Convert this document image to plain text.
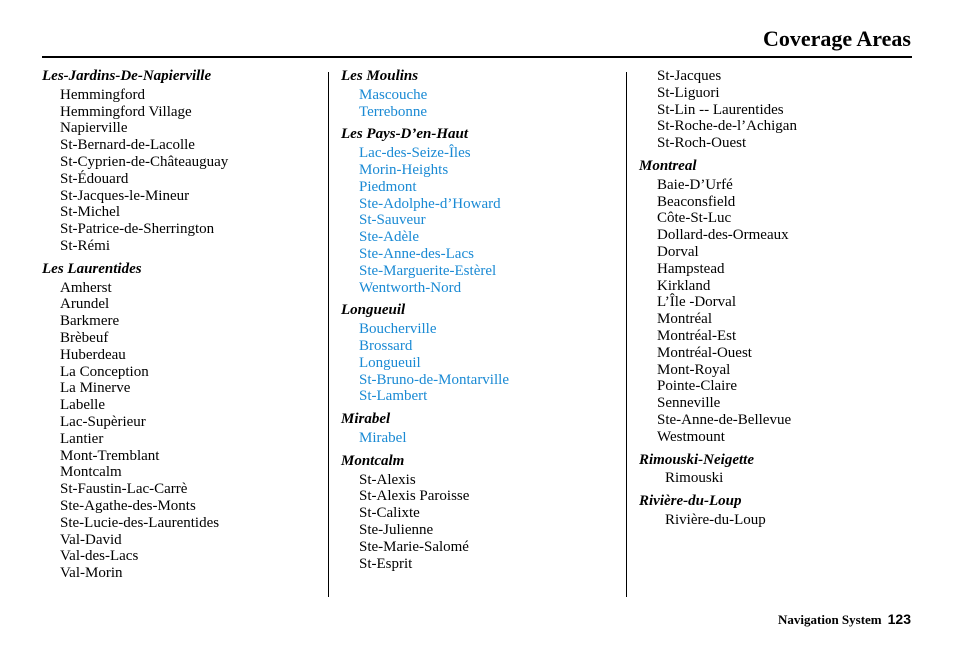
Coverage Areas
Les-Jardins-De-Napierville
Hemmingford
Hemmingford Village
Napierville
St-Bernard-de-Lacolle
St-Cyprien-de-Châteauguay
St-Édouard
St-Jacques-le-Mineur
St-Michel
St-Patrice-de-Sherrington
St-Rémi
Les Laurentides
Amherst
Arundel
Barkmere
Brèbeuf
Huberdeau
La Conception
La Minerve
Labelle
Lac-Supèrieur
Lantier
Mont-Tremblant
Montcalm
St-Faustin-Lac-Carrè
Ste-Agathe-des-Monts
Ste-Lucie-des-Laurentides
Val-David
Val-des-Lacs
Val-Morin
Les Moulins
Mascouche
Terrebonne
Les Pays-D’en-Haut
Lac-des-Seize-Îles
Morin-Heights
Piedmont
Ste-Adolphe-d’Howard
St-Sauveur
Ste-Adèle
Ste-Anne-des-Lacs
Ste-Marguerite-Estèrel
Wentworth-Nord
Longueuil
Boucherville
Brossard
Longueuil
St-Bruno-de-Montarville
St-Lambert
Mirabel
Mirabel
Montcalm
St-Alexis
St-Alexis Paroisse
St-Calixte
Ste-Julienne
Ste-Marie-Salomé
St-Esprit
St-Jacques
St-Liguori
St-Lin -- Laurentides
St-Roche-de-l’Achigan
St-Roch-Ouest
Montreal
Baie-D’Urfé
Beaconsfield
Côte-St-Luc
Dollard-des-Ormeaux
Dorval
Hampstead
Kirkland
L’Île -Dorval
Montréal
Montréal-Est
Montréal-Ouest
Mont-Royal
Pointe-Claire
Senneville
Ste-Anne-de-Bellevue
Westmount
Rimouski-Neigette
Rimouski
Rivière-du-Loup
Rivière-du-Loup
Navigation System 123
